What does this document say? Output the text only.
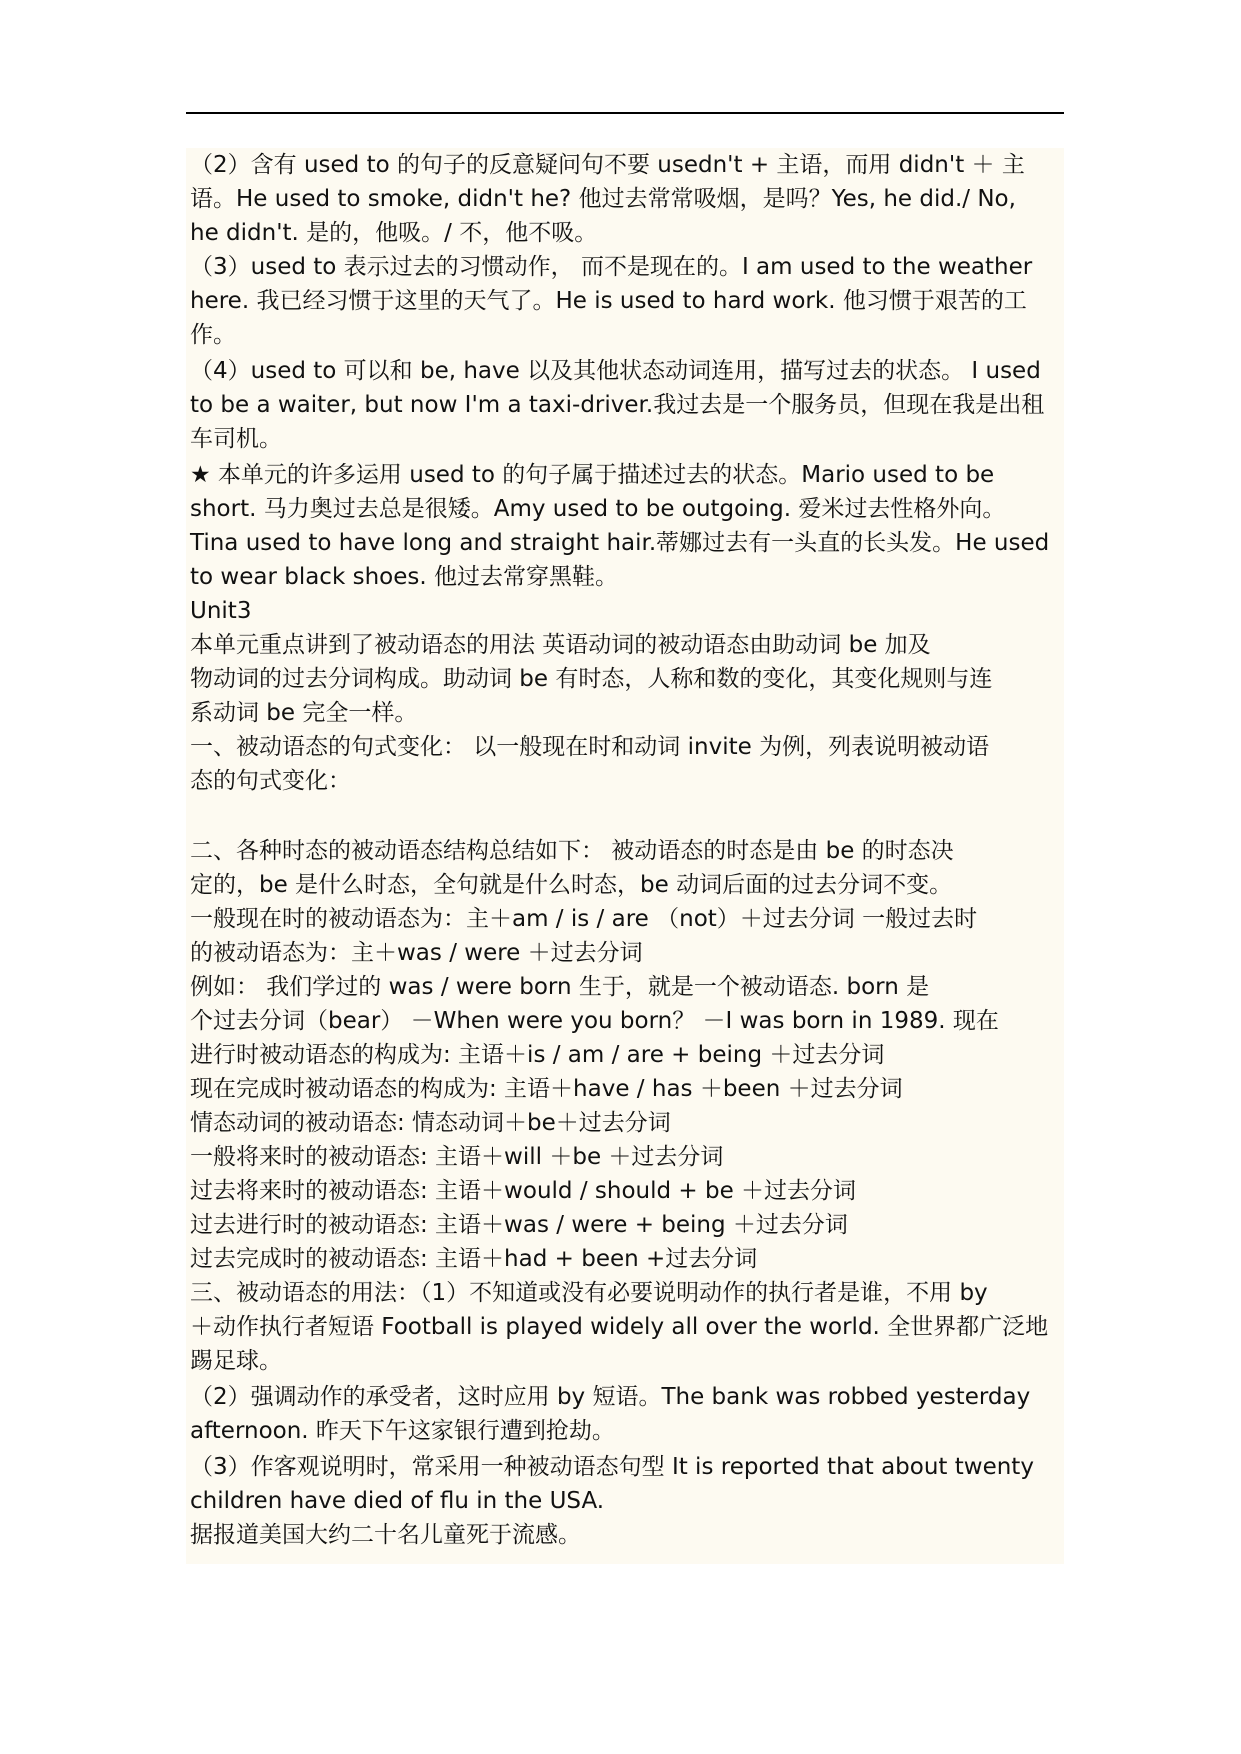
（2）含有 used to 的句子的反意疑问句不要 usedn't + 主语，而用 didn't ＋ 主
语。He used to smoke, didn't he? 他过去常常吸烟，是吗？Yes, he did./ No,
he didn't. 是的，他吸。/ 不，他不吸。
（3）used to 表示过去的习惯动作， 而不是现在的。I am used to the weather
here. 我已经习惯于这里的天气了。He is used to hard work. 他习惯于艰苦的工
作。
（4）used to 可以和 be, have 以及其他状态动词连用，描写过去的状态。 I used
to be a waiter, but now I'm a taxi-driver.我过去是一个服务员，但现在我是出租
车司机。
★ 本单元的许多运用 used to 的句子属于描述过去的状态。Mario used to be
short. 马力奥过去总是很矮。Amy used to be outgoing. 爱米过去性格外向。
Tina used to have long and straight hair.蒂娜过去有一头直的长头发。He used
to wear black shoes. 他过去常穿黑鞋。
Unit3
本单元重点讲到了被动语态的用法 英语动词的被动语态由助动词 be 加及
物动词的过去分词构成。助动词 be 有时态，人称和数的变化，其变化规则与连
系动词 be 完全一样。
一、被动语态的句式变化： 以一般现在时和动词 invite 为例，列表说明被动语
态的句式变化：
二、各种时态的被动语态结构总结如下： 被动语态的时态是由 be 的时态决
定的，be 是什么时态，全句就是什么时态，be 动词后面的过去分词不变。
一般现在时的被动语态为：主＋am / is / are （not）＋过去分词 一般过去时
的被动语态为：主＋was / were ＋过去分词
例如： 我们学过的 was / were born 生于，就是一个被动语态. born 是
个过去分词（bear） －When were you born？ －I was born in 1989. 现在
进行时被动语态的构成为: 主语＋is / am / are + being ＋过去分词
现在完成时被动语态的构成为: 主语＋have / has ＋been ＋过去分词
情态动词的被动语态: 情态动词＋be＋过去分词
一般将来时的被动语态: 主语＋will ＋be ＋过去分词
过去将来时的被动语态: 主语＋would / should + be ＋过去分词
过去进行时的被动语态: 主语＋was / were + being ＋过去分词
过去完成时的被动语态: 主语＋had + been +过去分词
三、被动语态的用法：（1）不知道或没有必要说明动作的执行者是谁，不用 by
＋动作执行者短语 Football is played widely all over the world. 全世界都广泛地
踢足球。
（2）强调动作的承受者，这时应用 by 短语。The bank was robbed yesterday
afternoon. 昨天下午这家银行遭到抢劫。
（3）作客观说明时，常采用一种被动语态句型 It is reported that about twenty
children have died of flu in the USA.
据报道美国大约二十名儿童死于流感。
